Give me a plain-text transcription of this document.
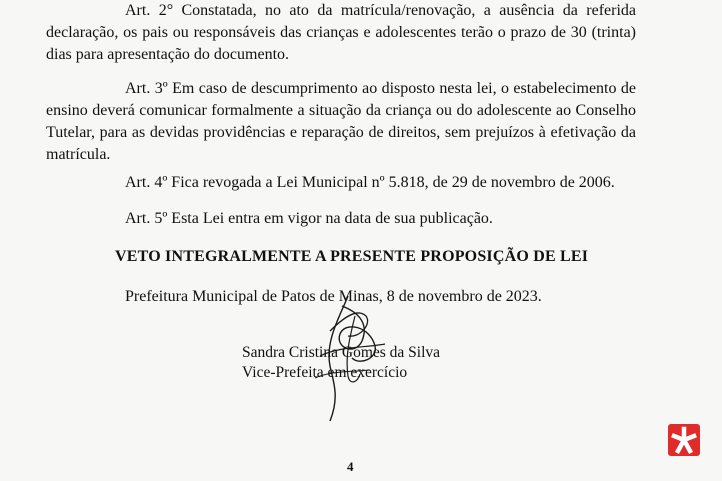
Art. 2° Constatada, no ato da matrícula/renovação, a ausência da referida
declaração, os pais ou responsáveis das crianças e adolescentes terão o prazo de 30 (trinta)
dias para apresentação do documento.
Art. 3º Em caso de descumprimento ao disposto nesta lei, o estabelecimento de
ensino deverá comunicar formalmente a situação da criança ou do adolescente ao Conselho
Tutelar, para as devidas providências e reparação de direitos, sem prejuízos à efetivação da
matrícula.
Art. 4º Fica revogada a Lei Municipal nº 5.818, de 29 de novembro de 2006.
Art. 5º Esta Lei entra em vigor na data de sua publicação.
VETO INTEGRALMENTE A PRESENTE PROPOSIÇÃO DE LEI
Prefeitura Municipal de Patos de Minas, 8 de novembro de 2023.
Sandra Cristina Gomes da Silva
Vice-Prefeita em exercício
4
